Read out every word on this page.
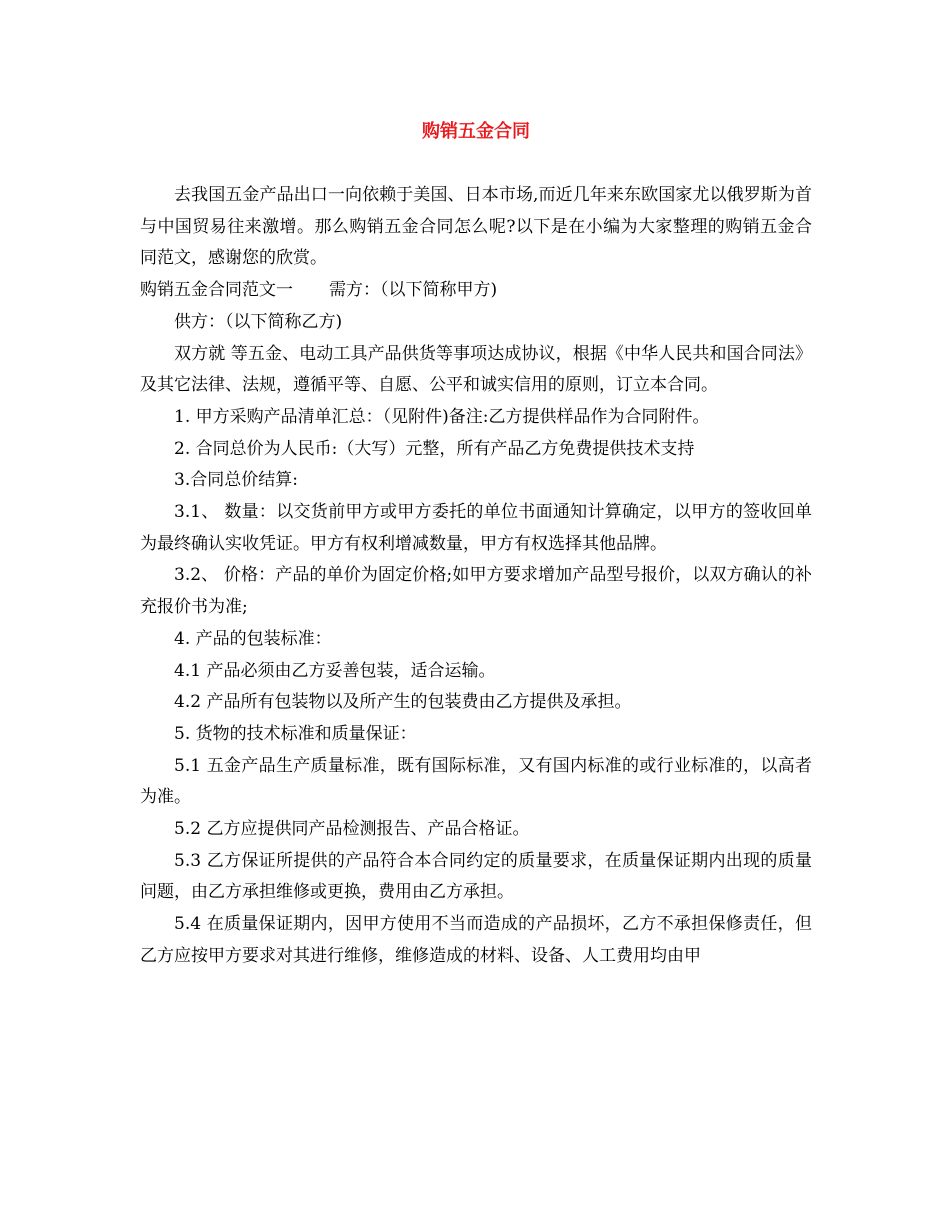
购销五金合同

去我国五金产品出口一向依赖于美国、日本市场,而近几年来东欧国家尤以俄罗斯为首与中国贸易往来激增。那么购销五金合同怎么呢?以下是在小编为大家整理的购销五金合同范文，感谢您的欣赏。

购销五金合同范文一 需方：（以下简称甲方)

供方：（以下简称乙方)

双方就 等五金、电动工具产品供货等事项达成协议，根据《中华人民共和国合同法》及其它法律、法规，遵循平等、自愿、公平和诚实信用的原则，订立本合同。

1. 甲方采购产品清单汇总：（见附件)备注:乙方提供样品作为合同附件。

2. 合同总价为人民币:（大写）元整，所有产品乙方免费提供技术支持

3.合同总价结算:

3.1、 数量：以交货前甲方或甲方委托的单位书面通知计算确定，以甲方的签收回单为最终确认实收凭证。甲方有权利增减数量，甲方有权选择其他品牌。

3.2、 价格：产品的单价为固定价格;如甲方要求增加产品型号报价，以双方确认的补充报价书为准;

4. 产品的包装标准：

4.1 产品必须由乙方妥善包装，适合运输。

4.2 产品所有包装物以及所产生的包装费由乙方提供及承担。

5. 货物的技术标准和质量保证：

5.1 五金产品生产质量标准，既有国际标准，又有国内标准的或行业标准的，以高者为准。

5.2 乙方应提供同产品检测报告、产品合格证。

5.3 乙方保证所提供的产品符合本合同约定的质量要求，在质量保证期内出现的质量问题，由乙方承担维修或更换，费用由乙方承担。

5.4 在质量保证期内，因甲方使用不当而造成的产品损坏，乙方不承担保修责任，但乙方应按甲方要求对其进行维修，维修造成的材料、设备、人工费用均由甲
